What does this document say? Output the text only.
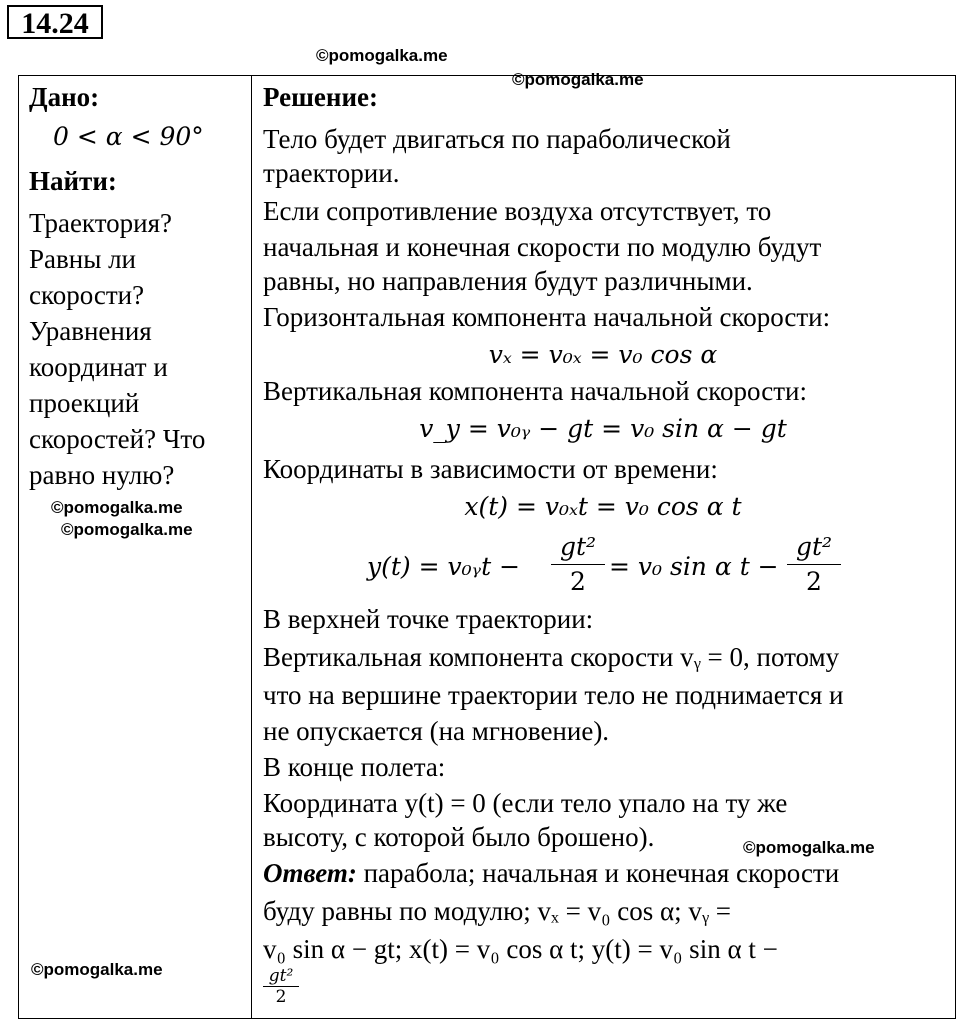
14.24
©pomogalka.me
©pomogalka.me
Дано:
0 < α < 90°
Найти:
Траектория?
Равны ли
скорости?
Уравнения
координат и
проекций
скоростей? Что
равно нулю?
©pomogalka.me
©pomogalka.me
©pomogalka.me
Решение:
Тело будет двигаться по параболической
траектории.
Если сопротивление воздуха отсутствует, то
начальная и конечная скорости по модулю будут
равны, но направления будут различными.
Горизонтальная компонента начальной скорости:
vₓ = v₀ₓ = v₀ cos α
Вертикальная компонента начальной скорости:
v_y = v₀ᵧ − gt = v₀ sin α − gt
Координаты в зависимости от времени:
x(t) = v₀ₓt = v₀ cos α t
y(t) = v₀ᵧt −
gt²
2
= v₀ sin α t −
gt²
2
В верхней точке траектории:
Вертикальная компонента скорости vᵧ = 0, потому
что на вершине траектории тело не поднимается и
не опускается (на мгновение).
В конце полета:
Координата y(t) = 0 (если тело упало на ту же
высоту, с которой было брошено).
Ответ: парабола; начальная и конечная скорости
буду равны по модулю; vₓ = v₀ cos α; vᵧ =
v₀ sin α − gt; x(t) = v₀ cos α t; y(t) = v₀ sin α t −
gt²
2
©pomogalka.me
